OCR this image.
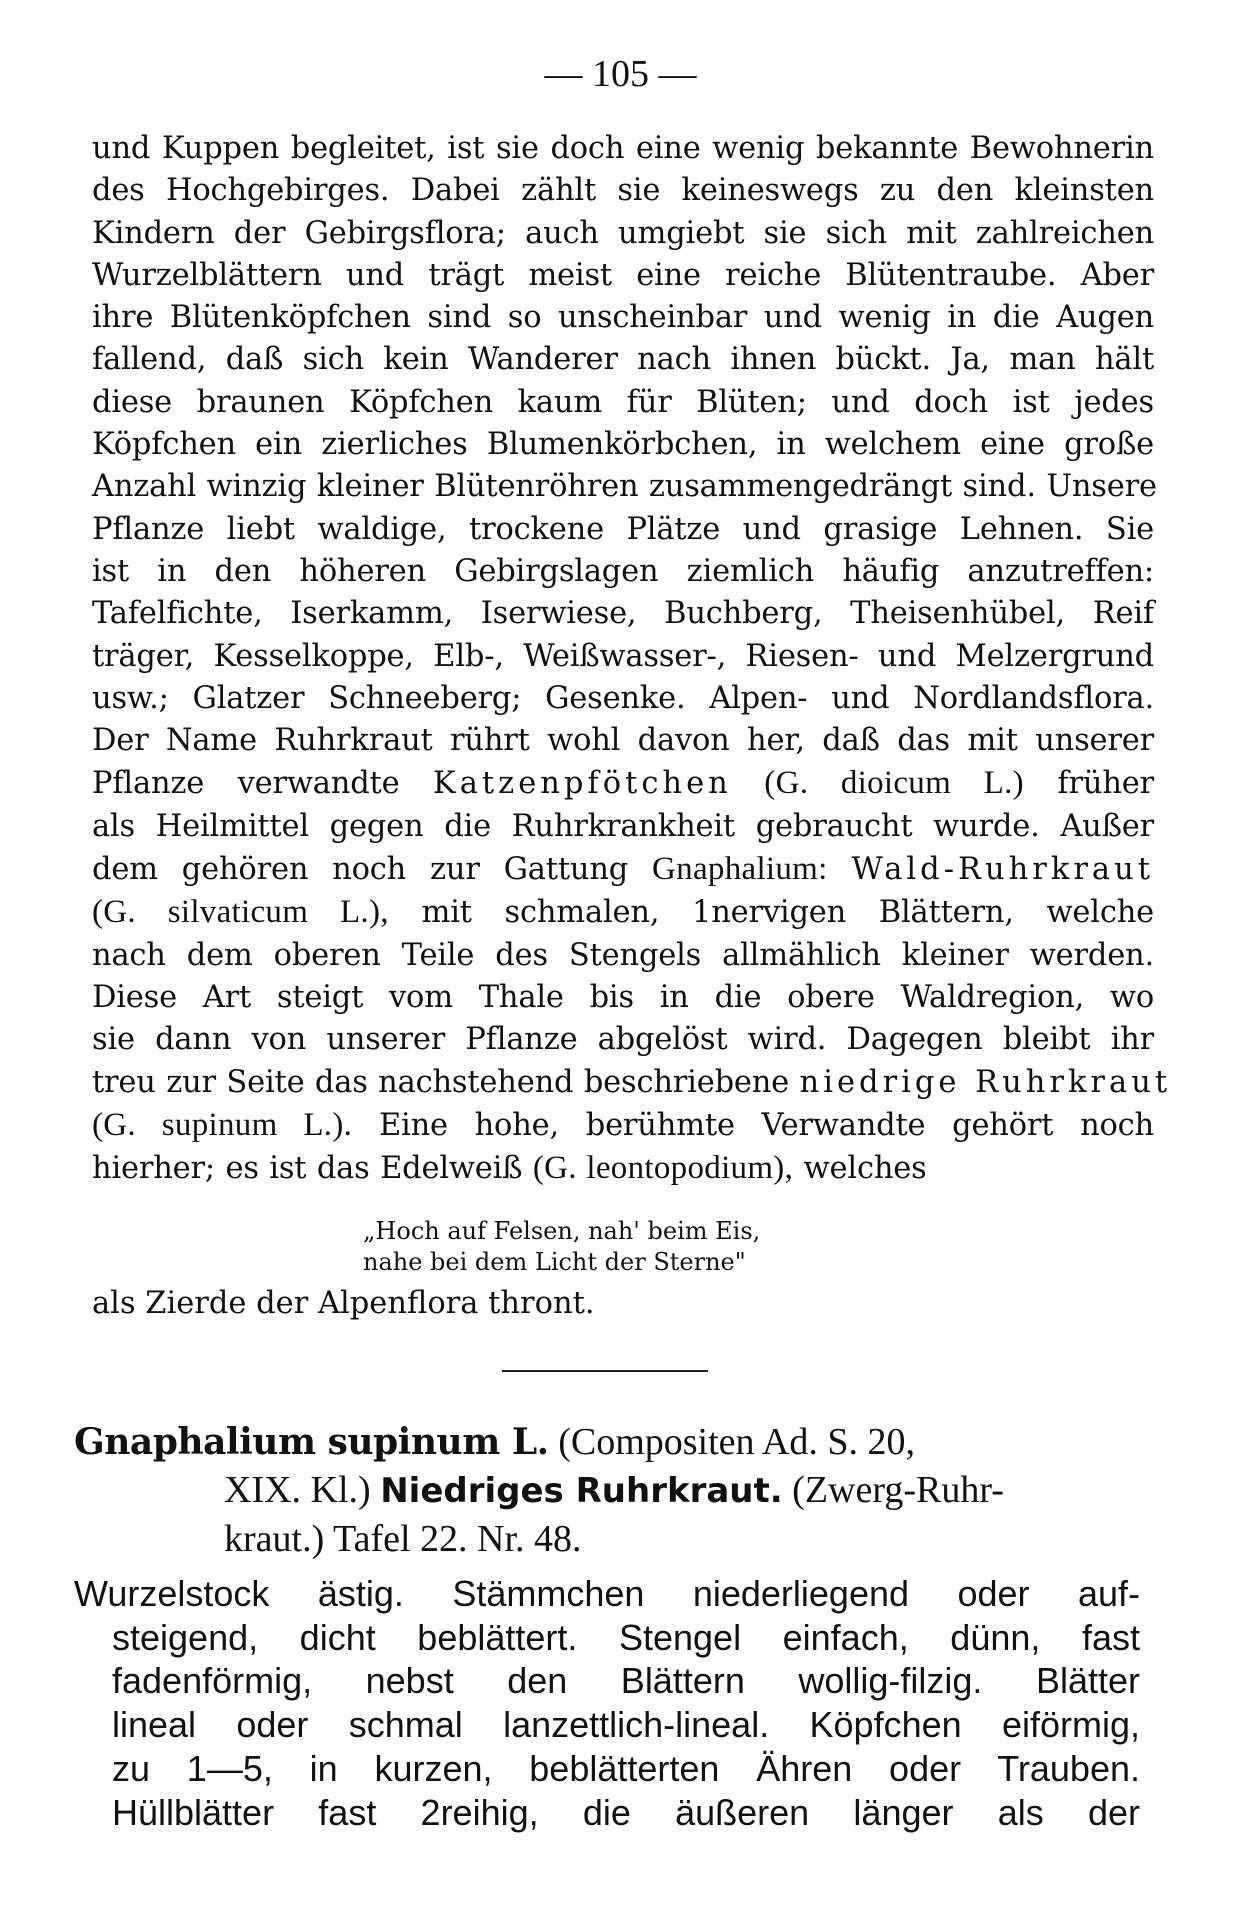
— 105 —
und Kuppen begleitet, ist sie doch eine wenig bekannte Bewohnerin
des Hochgebirges. Dabei zählt sie keineswegs zu den kleinsten
Kindern der Gebirgsflora; auch umgiebt sie sich mit zahlreichen
Wurzelblättern und trägt meist eine reiche Blütentraube. Aber
ihre Blütenköpfchen sind so unscheinbar und wenig in die Augen
fallend, daß sich kein Wanderer nach ihnen bückt. Ja, man hält
diese braunen Köpfchen kaum für Blüten; und doch ist jedes
Köpfchen ein zierliches Blumenkörbchen, in welchem eine große
Anzahl winzig kleiner Blütenröhren zusammengedrängt sind. Unsere
Pflanze liebt waldige, trockene Plätze und grasige Lehnen. Sie
ist in den höheren Gebirgslagen ziemlich häufig anzutreffen:
Tafelfichte, Iserkamm, Iserwiese, Buchberg, Theisenhübel, Reif
träger, Kesselkoppe, Elb-, Weißwasser-, Riesen- und Melzergrund
usw.; Glatzer Schneeberg; Gesenke. Alpen- und Nordlandsflora.
Der Name Ruhrkraut rührt wohl davon her, daß das mit unserer
Pflanze verwandte Katzenpfötchen (G. dioicum L.) früher
als Heilmittel gegen die Ruhrkrankheit gebraucht wurde. Außer
dem gehören noch zur Gattung Gnaphalium: Wald-Ruhrkraut
(G. silvaticum L.), mit schmalen, 1nervigen Blättern, welche
nach dem oberen Teile des Stengels allmählich kleiner werden.
Diese Art steigt vom Thale bis in die obere Waldregion, wo
sie dann von unserer Pflanze abgelöst wird. Dagegen bleibt ihr
treu zur Seite das nachstehend beschriebene niedrige Ruhrkraut
(G. supinum L.). Eine hohe, berühmte Verwandte gehört noch
hierher; es ist das Edelweiß (G. leontopodium), welches
„Hoch auf Felsen, nah' beim Eis,
nahe bei dem Licht der Sterne"
als Zierde der Alpenflora thront.
Gnaphalium supinum L. (Compositen Ad. S. 20,
XIX. Kl.) Niedriges Ruhrkraut. (Zwerg-Ruhr-
kraut.) Tafel 22. Nr. 48.
Wurzelstock ästig. Stämmchen niederliegend oder auf-
steigend, dicht beblättert. Stengel einfach, dünn, fast
fadenförmig, nebst den Blättern wollig-filzig. Blätter
lineal oder schmal lanzettlich-lineal. Köpfchen eiförmig,
zu 1—5, in kurzen, beblätterten Ähren oder Trauben.
Hüllblätter fast 2reihig, die äußeren länger als der
